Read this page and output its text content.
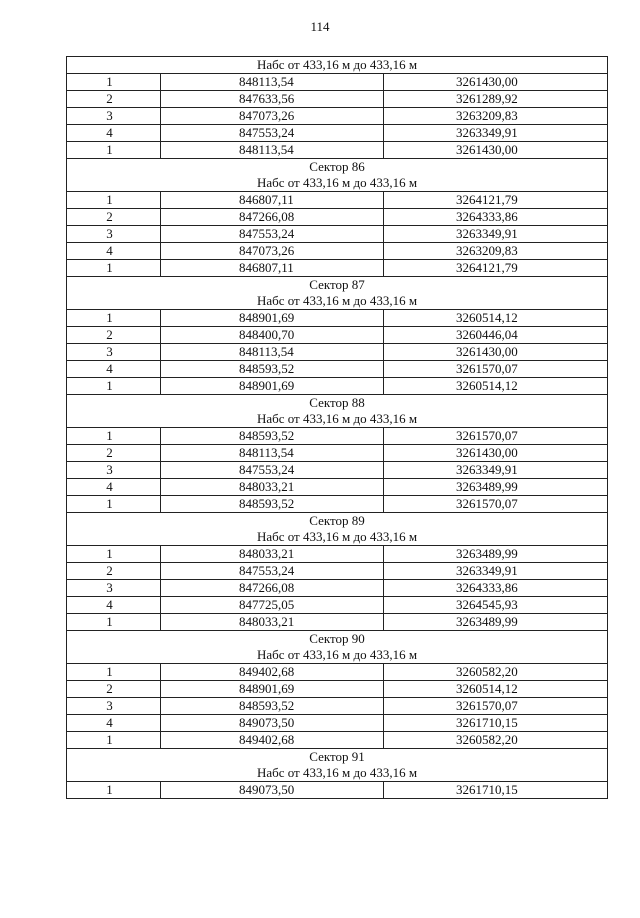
114
Набс от 433,16 м до 433,16 м		

1	848113,54	3261430,00
2	847633,56	3261289,92
3	847073,26	3263209,83
4	847553,24	3263349,91
1	848113,54	3261430,00

Сектор 86
Набс от 433,16 м до 433,16 м		

1	846807,11	3264121,79
2	847266,08	3264333,86
3	847553,24	3263349,91
4	847073,26	3263209,83
1	846807,11	3264121,79

Сектор 87
Набс от 433,16 м до 433,16 м		

1	848901,69	3260514,12
2	848400,70	3260446,04
3	848113,54	3261430,00
4	848593,52	3261570,07
1	848901,69	3260514,12

Сектор 88
Набс от 433,16 м до 433,16 м		

1	848593,52	3261570,07
2	848113,54	3261430,00
3	847553,24	3263349,91
4	848033,21	3263489,99
1	848593,52	3261570,07

Сектор 89
Набс от 433,16 м до 433,16 м		

1	848033,21	3263489,99
2	847553,24	3263349,91
3	847266,08	3264333,86
4	847725,05	3264545,93
1	848033,21	3263489,99

Сектор 90
Набс от 433,16 м до 433,16 м		

1	849402,68	3260582,20
2	848901,69	3260514,12
3	848593,52	3261570,07
4	849073,50	3261710,15
1	849402,68	3260582,20

Сектор 91
Набс от 433,16 м до 433,16 м		

1	849073,50	3261710,15
